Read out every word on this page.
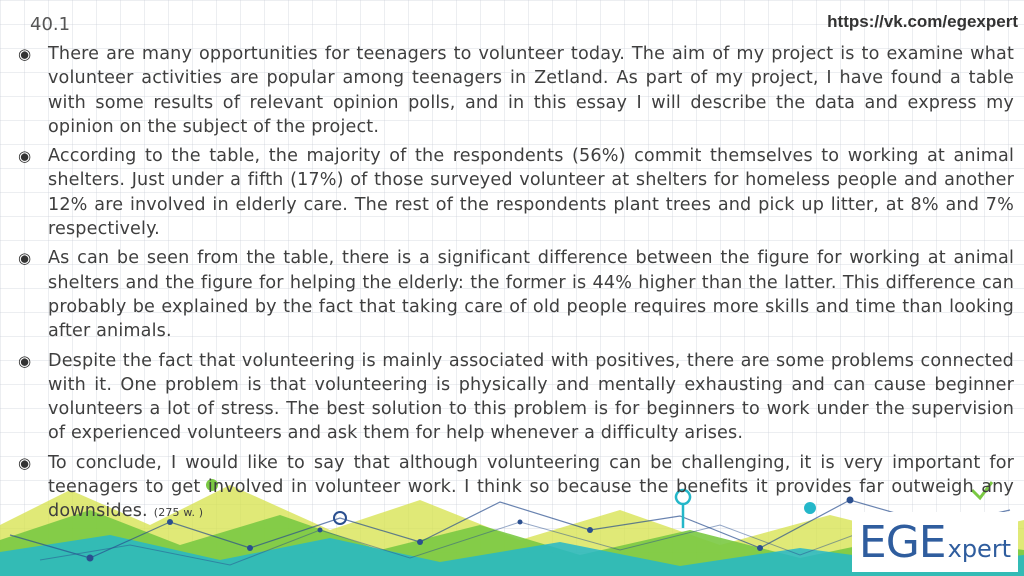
40.1	https://vk.com/egexpert
◉ There are many opportunities for teenagers to volunteer today. The aim of my project is to examine what volunteer activities are popular among teenagers in Zetland. As part of my project, I have found a table with some results of relevant opinion polls, and in this essay I will describe the data and express my opinion on the subject of the project.
◉ According to the table, the majority of the respondents (56%) commit themselves to working at animal shelters. Just under a fifth (17%) of those surveyed volunteer at shelters for homeless people and another 12% are involved in elderly care. The rest of the respondents plant trees and pick up litter, at 8% and 7% respectively.
◉ As can be seen from the table, there is a significant difference between the figure for working at animal shelters and the figure for helping the elderly: the former is 44% higher than the latter. This difference can probably be explained by the fact that taking care of old people requires more skills and time than looking after animals.
◉ Despite the fact that volunteering is mainly associated with positives, there are some problems connected with it. One problem is that volunteering is physically and mentally exhausting and can cause beginner volunteers a lot of stress. The best solution to this problem is for beginners to work under the supervision of experienced volunteers and ask them for help whenever a difficulty arises.
◉ To conclude, I would like to say that although volunteering can be challenging, it is very important for teenagers to get involved in volunteer work. I think so because the benefits it provides far outweigh any downsides. (275 w. )
EGE xpert
